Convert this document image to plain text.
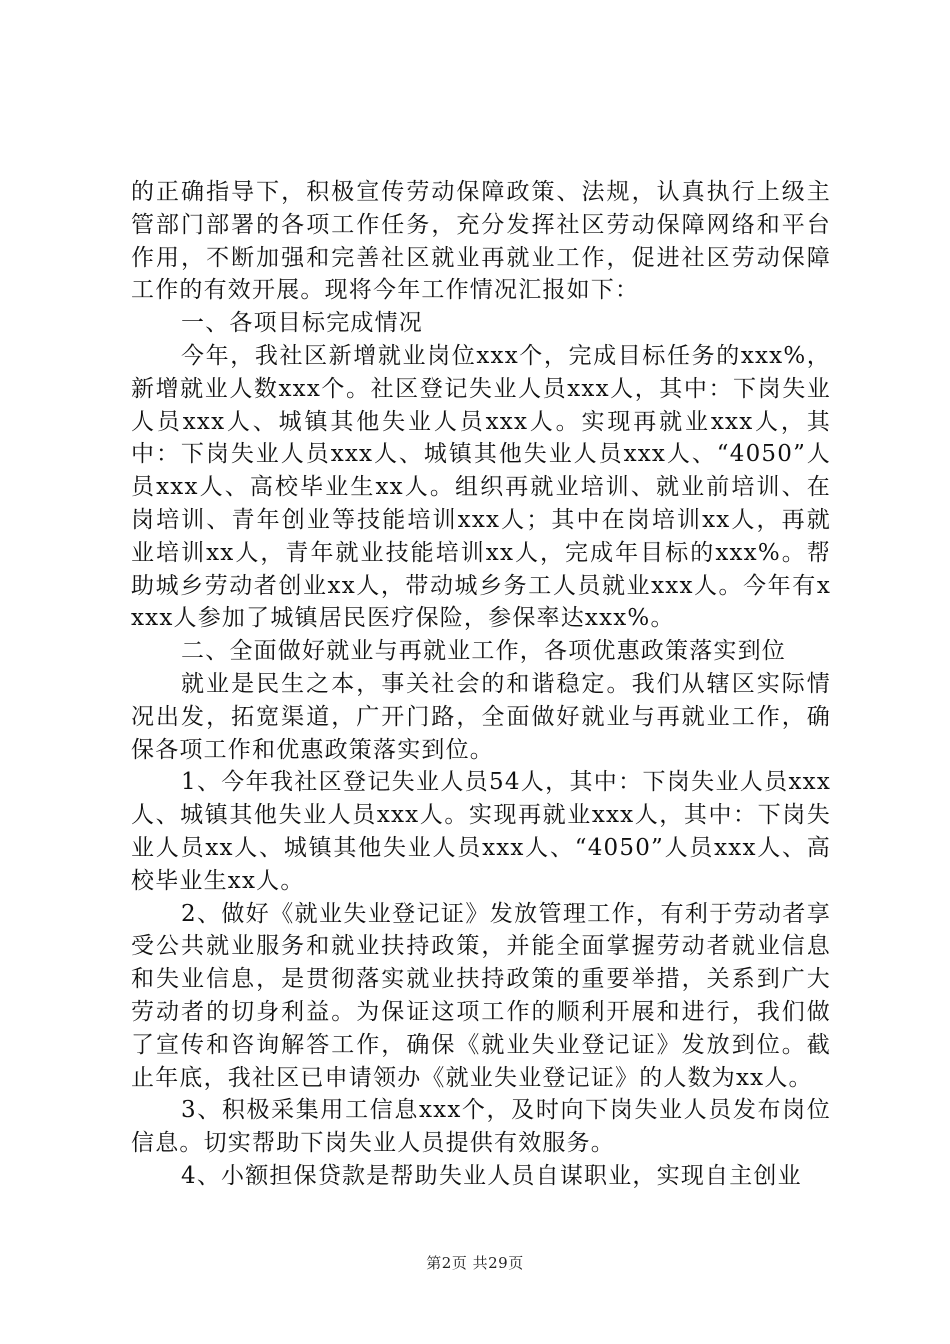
的正确指导下，积极宣传劳动保障政策、法规，认真执行上级主管部门部署的各项工作任务，充分发挥社区劳动保障网络和平台作用，不断加强和完善社区就业再就业工作，促进社区劳动保障工作的有效开展。现将今年工作情况汇报如下：

一、各项目标完成情况

今年，我社区新增就业岗位xxx个，完成目标任务的xxx%，新增就业人数xxx个。社区登记失业人员xxx人，其中：下岗失业人员xxx人、城镇其他失业人员xxx人。实现再就业xxx人，其中：下岗失业人员xxx人、城镇其他失业人员xxx人、“4050”人员xxx人、高校毕业生xx人。组织再就业培训、就业前培训、在岗培训、青年创业等技能培训xxx人；其中在岗培训xx人，再就业培训xx人，青年就业技能培训xx人，完成年目标的xxx%。帮助城乡劳动者创业xx人，带动城乡务工人员就业xxx人。今年有xxxx人参加了城镇居民医疗保险，参保率达xxx%。

二、全面做好就业与再就业工作，各项优惠政策落实到位

就业是民生之本，事关社会的和谐稳定。我们从辖区实际情况出发，拓宽渠道，广开门路，全面做好就业与再就业工作，确保各项工作和优惠政策落实到位。

1、今年我社区登记失业人员54人，其中：下岗失业人员xxx人、城镇其他失业人员xxx人。实现再就业xxx人，其中：下岗失业人员xx人、城镇其他失业人员xxx人、“4050”人员xxx人、高校毕业生xx人。

2、做好《就业失业登记证》发放管理工作，有利于劳动者享受公共就业服务和就业扶持政策，并能全面掌握劳动者就业信息和失业信息，是贯彻落实就业扶持政策的重要举措，关系到广大劳动者的切身利益。为保证这项工作的顺利开展和进行，我们做了宣传和咨询解答工作，确保《就业失业登记证》发放到位。截止年底，我社区已申请领办《就业失业登记证》的人数为xx人。

3、积极采集用工信息xxx个，及时向下岗失业人员发布岗位信息。切实帮助下岗失业人员提供有效服务。

4、小额担保贷款是帮助失业人员自谋职业，实现自主创业

第2页 共29页
